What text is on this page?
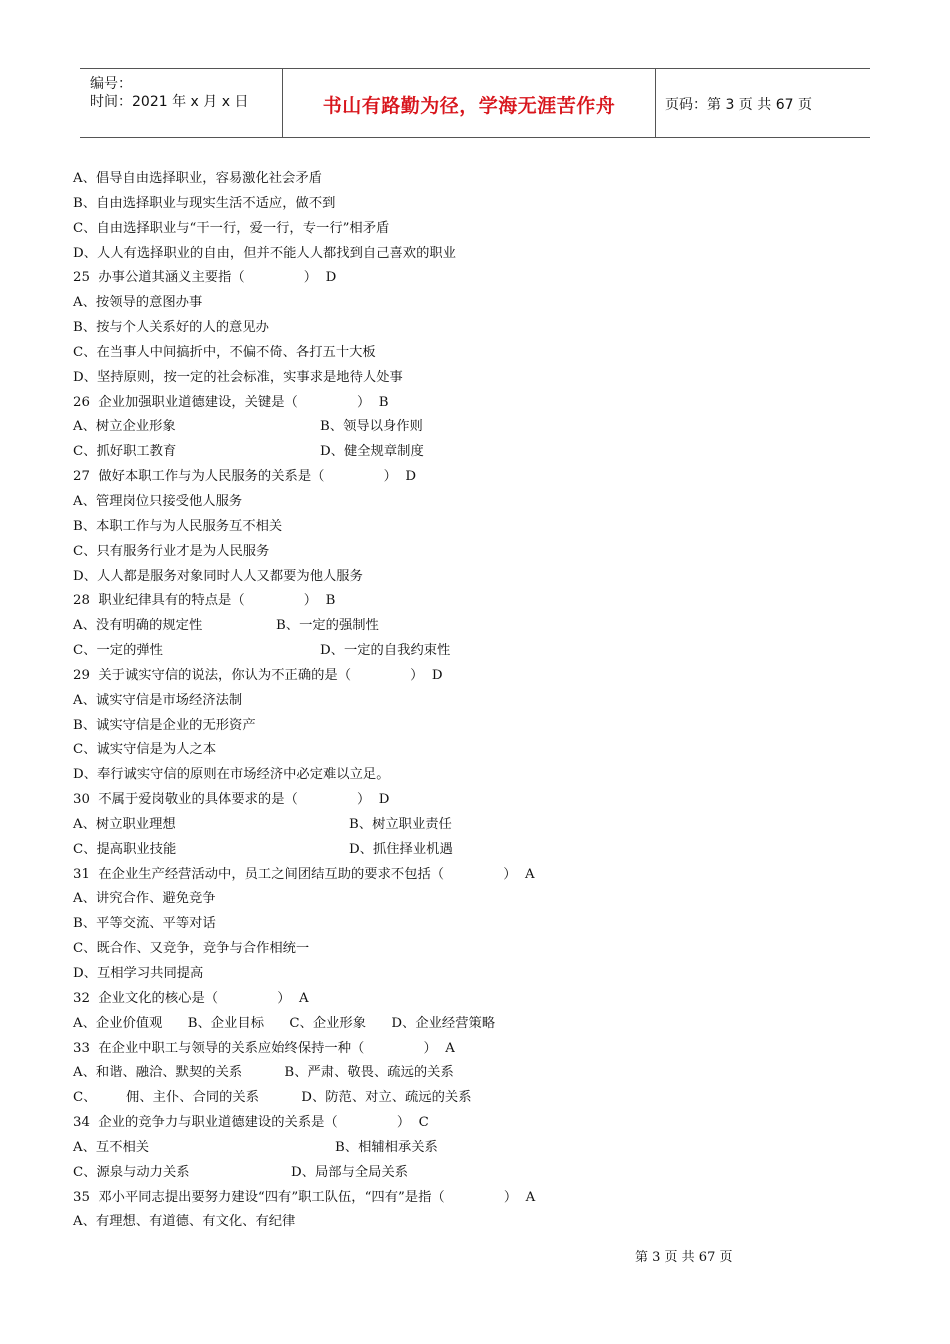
编号：
时间：2021 年 x 月 x 日	书山有路勤为径，学海无涯苦作舟	页码：第 3 页 共 67 页
A、倡导自由选择职业，容易激化社会矛盾
B、自由选择职业与现实生活不适应，做不到
C、自由选择职业与“干一行，爱一行，专一行”相矛盾
D、人人有选择职业的自由，但并不能人人都找到自己喜欢的职业
25  办事公道其涵义主要指（              ）  D
A、按领导的意图办事
B、按与个人关系好的人的意见办
C、在当事人中间搞折中，不偏不倚、各打五十大板
D、坚持原则，按一定的社会标准，实事求是地待人处事
26  企业加强职业道德建设，关键是（              ）  B
A、树立企业形象	B、领导以身作则
C、抓好职工教育	D、健全规章制度
27  做好本职工作与为人民服务的关系是（              ）  D
A、管理岗位只接受他人服务
B、本职工作与为人民服务互不相关
C、只有服务行业才是为人民服务
D、人人都是服务对象同时人人又都要为他人服务
28  职业纪律具有的特点是（              ）  B
A、没有明确的规定性	B、一定的强制性
C、一定的弹性	D、一定的自我约束性
29  关于诚实守信的说法，你认为不正确的是（              ）  D
A、诚实守信是市场经济法制
B、诚实守信是企业的无形资产
C、诚实守信是为人之本
D、奉行诚实守信的原则在市场经济中必定难以立足。
30  不属于爱岗敬业的具体要求的是（              ）  D
A、树立职业理想	B、树立职业责任
C、提高职业技能	D、抓住择业机遇
31  在企业生产经营活动中，员工之间团结互助的要求不包括（              ）  A
A、讲究合作、避免竞争
B、平等交流、平等对话
C、既合作、又竞争，竞争与合作相统一
D、互相学习共同提高
32  企业文化的核心是（              ）  A
A、企业价值观      B、企业目标      C、企业形象      D、企业经营策略
33  在企业中职工与领导的关系应始终保持一种（              ）  A
A、和谐、融洽、默契的关系          B、严肃、敬畏、疏远的关系
C、       佣、主仆、合同的关系          D、防范、对立、疏远的关系
34  企业的竞争力与职业道德建设的关系是（              ）  C
A、互不相关	B、相辅相承关系
C、源泉与动力关系	D、局部与全局关系
35  邓小平同志提出要努力建设“四有”职工队伍，“四有”是指（              ）  A
A、有理想、有道德、有文化、有纪律
第 3 页 共 67 页
